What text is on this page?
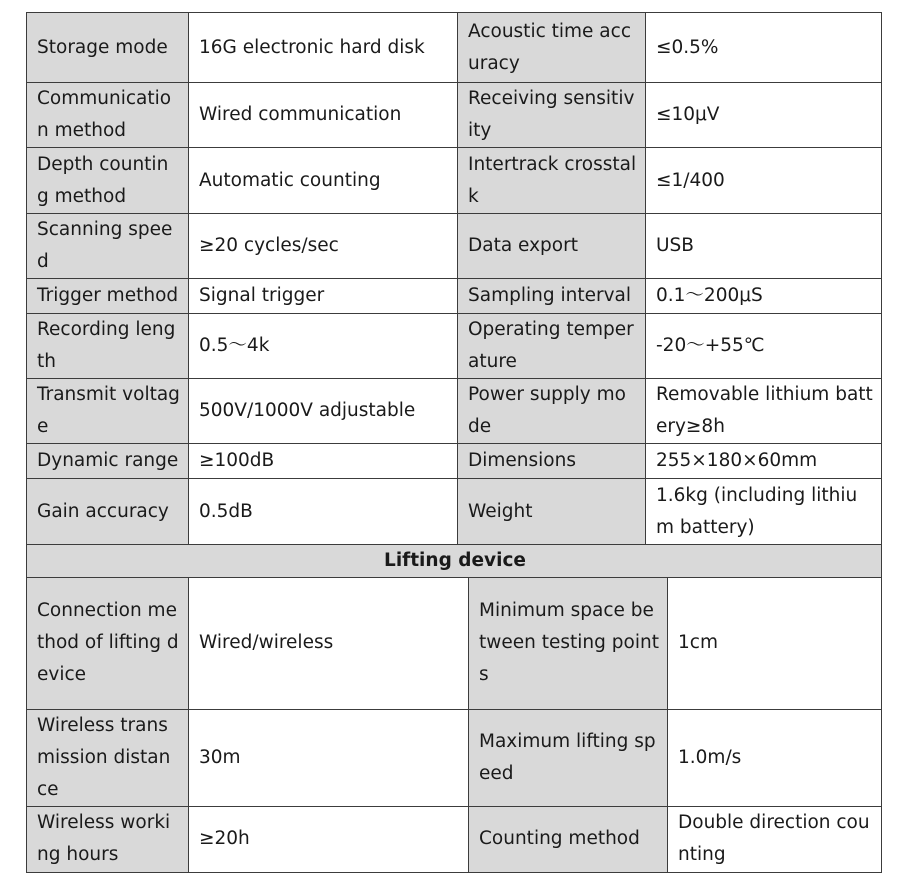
Storage mode	16G electronic hard disk	Acoustic time accuracy	≤0.5%
Communication method	Wired communication	Receiving sensitivity	≤10μV
Depth counting method	Automatic counting	Intertrack crosstalk	≤1/400
Scanning speed	≥20 cycles/sec	Data export	USB
Trigger method	Signal trigger	Sampling interval	0.1～200μS
Recording length	0.5～4k	Operating temperature	-20～+55℃
Transmit voltage	500V/1000V adjustable	Power supply mode	Removable lithium battery≥8h
Dynamic range	≥100dB	Dimensions	255×180×60mm
Gain accuracy	0.5dB	Weight	1.6kg (including lithium battery)
Lifting device			
Connection method of lifting device	Wired/wireless	Minimum space between testing points	1cm
Wireless transmission distance	30m	Maximum lifting speed	1.0m/s
Wireless working hours	≥20h	Counting method	Double direction counting
